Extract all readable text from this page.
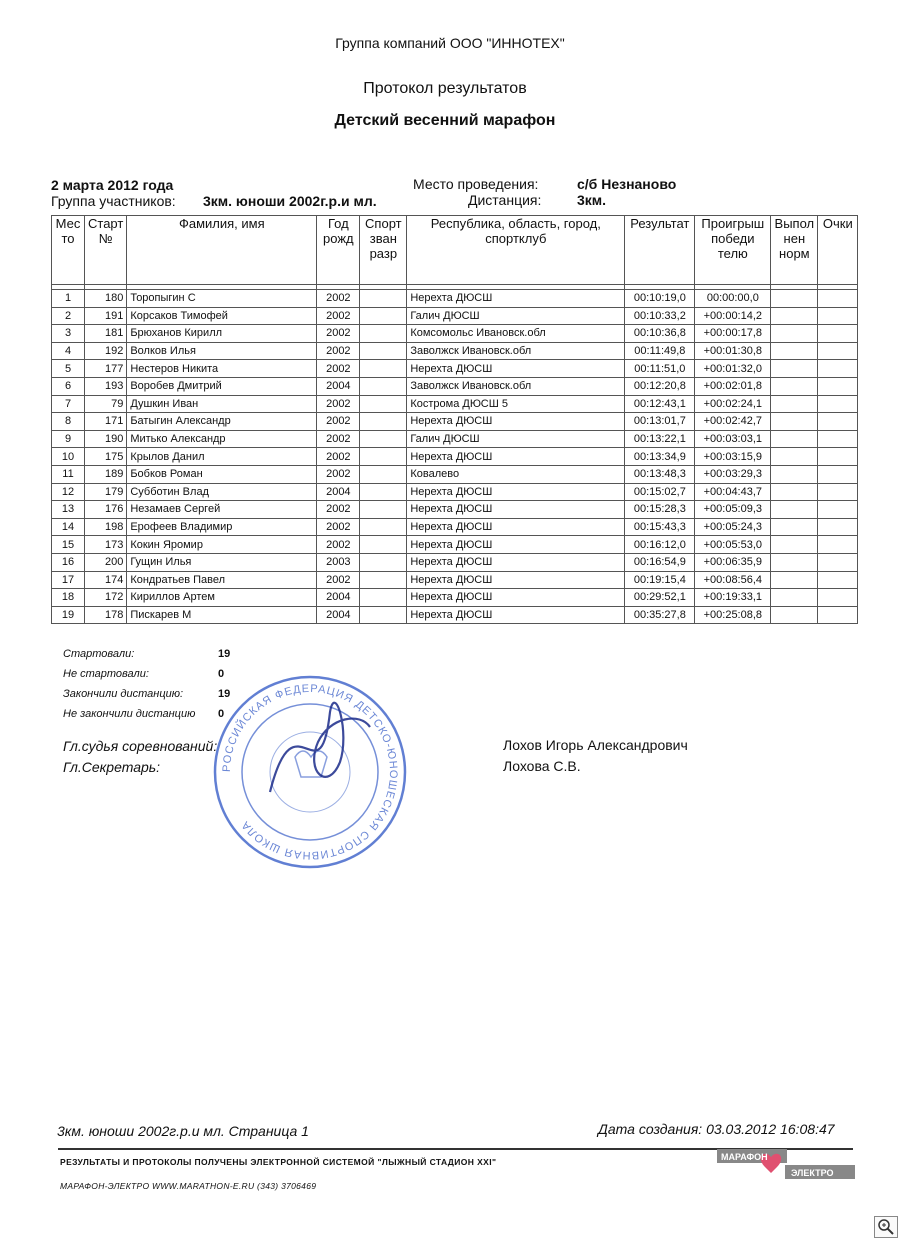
Группа компаний ООО "ИННОТЕХ"
Протокол результатов
Детский весенний марафон
2 марта 2012 года
Группа участников: 3км. юноши 2002г.р.и мл.
Место проведения:	с/б Незнаново
Дистанция:	3км.
Мес то	Старт №	Фамилия, имя	Год рожд	Спорт зван разр	Республика, область, город, спортклуб	Результат	Проигрыш победи телю	Выпол нен норм	Очки

1	180	Торопыгин С	2002		Нерехта ДЮСШ	00:10:19,0	00:00:00,0		
2	191	Корсаков Тимофей	2002		Галич ДЮСШ	00:10:33,2	+00:00:14,2		
3	181	Брюханов Кирилл	2002		Комсомольс Ивановск.обл	00:10:36,8	+00:00:17,8		
4	192	Волков Илья	2002		Заволжск Ивановск.обл	00:11:49,8	+00:01:30,8		
5	177	Нестеров Никита	2002		Нерехта ДЮСШ	00:11:51,0	+00:01:32,0		
6	193	Воробев Дмитрий	2004		Заволжск Ивановск.обл	00:12:20,8	+00:02:01,8		
7	79	Душкин Иван	2002		Кострома ДЮСШ 5	00:12:43,1	+00:02:24,1		
8	171	Батыгин Александр	2002		Нерехта ДЮСШ	00:13:01,7	+00:02:42,7		
9	190	Митько Александр	2002		Галич ДЮСШ	00:13:22,1	+00:03:03,1		
10	175	Крылов Данил	2002		Нерехта ДЮСШ	00:13:34,9	+00:03:15,9		
11	189	Бобков Роман	2002		Ковалево	00:13:48,3	+00:03:29,3		
12	179	Субботин Влад	2004		Нерехта ДЮСШ	00:15:02,7	+00:04:43,7		
13	176	Незамаев Сергей	2002		Нерехта ДЮСШ	00:15:28,3	+00:05:09,3		
14	198	Ерофеев Владимир	2002		Нерехта ДЮСШ	00:15:43,3	+00:05:24,3		
15	173	Кокин Яромир	2002		Нерехта ДЮСШ	00:16:12,0	+00:05:53,0		
16	200	Гущин Илья	2003		Нерехта ДЮСШ	00:16:54,9	+00:06:35,9		
17	174	Кондратьев Павел	2002		Нерехта ДЮСШ	00:19:15,4	+00:08:56,4		
18	172	Кириллов Артем	2004		Нерехта ДЮСШ	00:29:52,1	+00:19:33,1		
19	178	Пискарев М	2004		Нерехта ДЮСШ	00:35:27,8	+00:25:08,8		
Стартовали:	19
Не стартовали:	0
Закончили дистанцию:	19
Не закончили дистанцию 0
РОССИЙСКАЯ ФЕДЕРАЦИЯ ДЕТСКО-ЮНОШЕСКАЯ СПОРТИВНАЯ ШКОЛА
Гл.судья соревнований:
Гл.Секретарь:
Лохов Игорь Александрович
Лохова С.В.
3км. юноши 2002г.р.и мл. Страница 1	Дата создания: 03.03.2012 16:08:47
РЕЗУЛЬТАТЫ И ПРОТОКОЛЫ ПОЛУЧЕНЫ ЭЛЕКТРОННОЙ СИСТЕМОЙ "ЛЫЖНЫЙ СТАДИОН XXI"
МАРАФОН-ЭЛЕКТРО WWW.MARATHON-E.RU (343) 3706469
МАРАФОН
ЭЛЕКТРО
